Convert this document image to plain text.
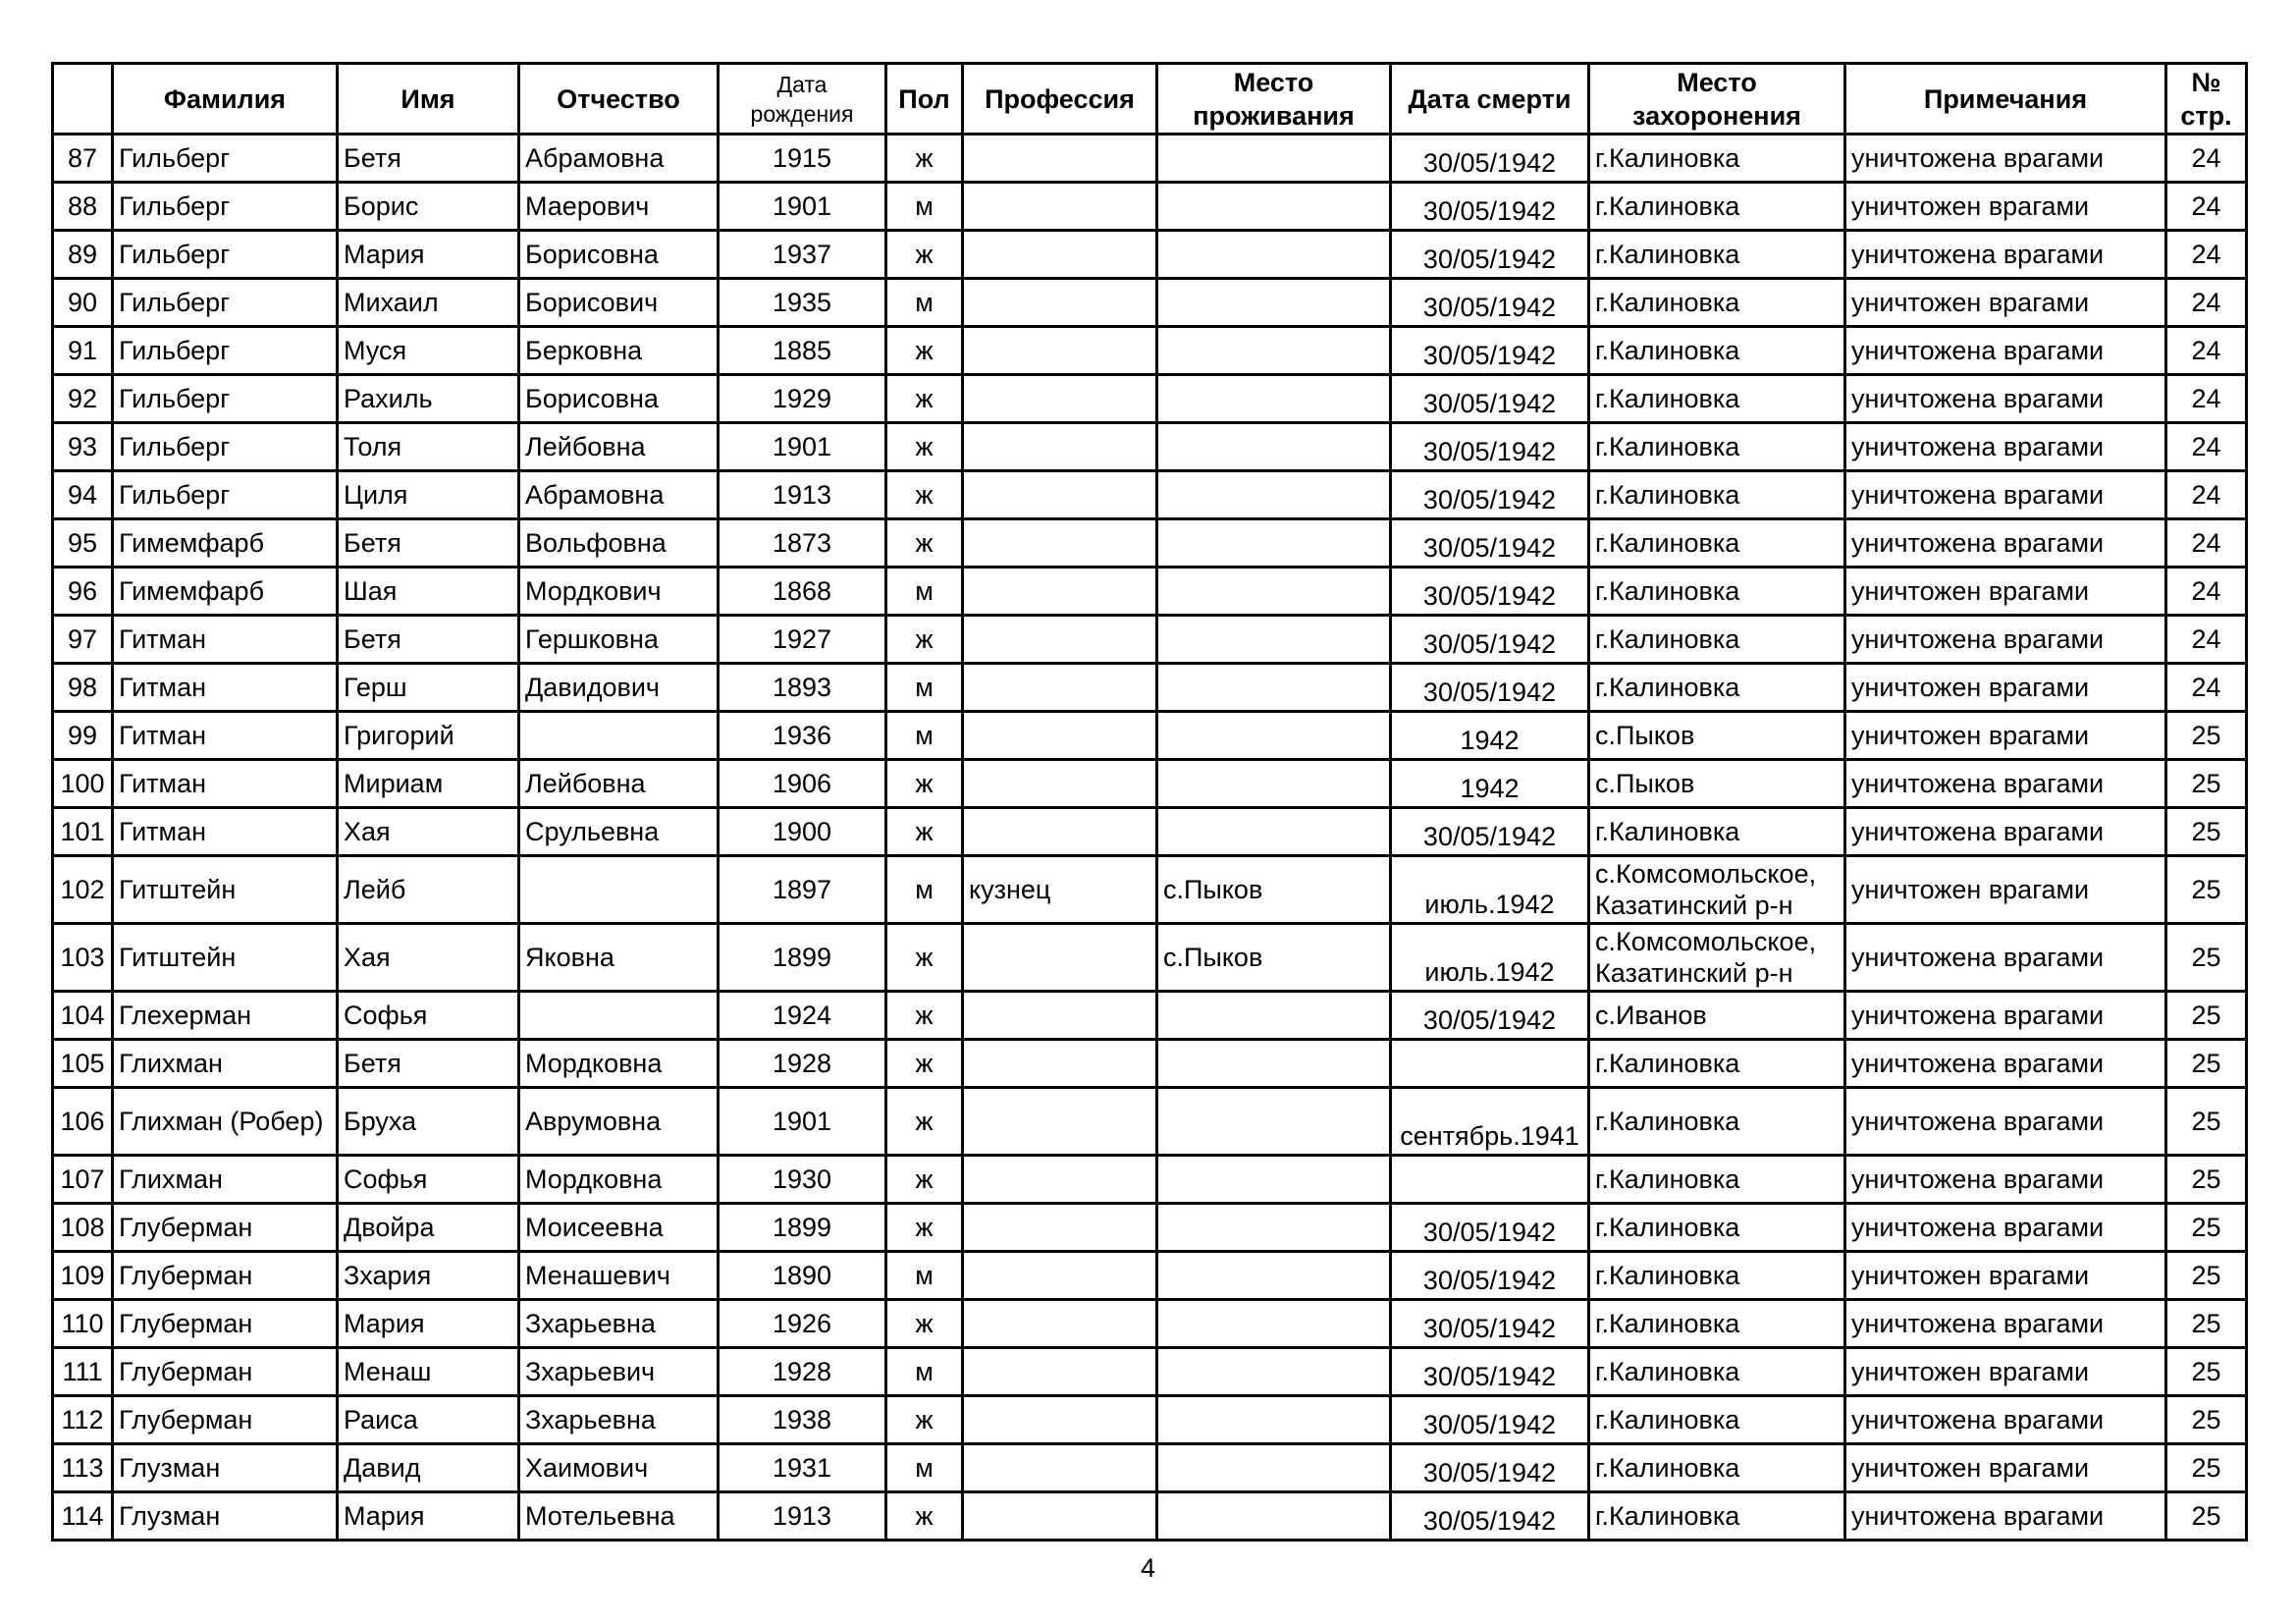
	Фамилия	Имя	Отчество	Дата рождения	Пол	Профессия	Место проживания	Дата смерти	Место захоронения	Примечания	№ стр.
87	Гильберг	Бетя	Абрамовна	1915	ж			30/05/1942	г.Калиновка	уничтожена врагами	24
88	Гильберг	Борис	Маерович	1901	м			30/05/1942	г.Калиновка	уничтожен врагами	24
89	Гильберг	Мария	Борисовна	1937	ж			30/05/1942	г.Калиновка	уничтожена врагами	24
90	Гильберг	Михаил	Борисович	1935	м			30/05/1942	г.Калиновка	уничтожен врагами	24
91	Гильберг	Муся	Берковна	1885	ж			30/05/1942	г.Калиновка	уничтожена врагами	24
92	Гильберг	Рахиль	Борисовна	1929	ж			30/05/1942	г.Калиновка	уничтожена врагами	24
93	Гильберг	Толя	Лейбовна	1901	ж			30/05/1942	г.Калиновка	уничтожена врагами	24
94	Гильберг	Циля	Абрамовна	1913	ж			30/05/1942	г.Калиновка	уничтожена врагами	24
95	Гимемфарб	Бетя	Вольфовна	1873	ж			30/05/1942	г.Калиновка	уничтожена врагами	24
96	Гимемфарб	Шая	Мордкович	1868	м			30/05/1942	г.Калиновка	уничтожен врагами	24
97	Гитман	Бетя	Гершковна	1927	ж			30/05/1942	г.Калиновка	уничтожена врагами	24
98	Гитман	Герш	Давидович	1893	м			30/05/1942	г.Калиновка	уничтожен врагами	24
99	Гитман	Григорий		1936	м			1942	с.Пыков	уничтожен врагами	25
100	Гитман	Мириам	Лейбовна	1906	ж			1942	с.Пыков	уничтожена врагами	25
101	Гитман	Хая	Срульевна	1900	ж			30/05/1942	г.Калиновка	уничтожена врагами	25
102	Гитштейн	Лейб		1897	м	кузнец	с.Пыков	июль.1942	с.Комсомольское, Казатинский р-н	уничтожен врагами	25
103	Гитштейн	Хая	Яковна	1899	ж		с.Пыков	июль.1942	с.Комсомольское, Казатинский р-н	уничтожена врагами	25
104	Глехерман	Софья		1924	ж			30/05/1942	с.Иванов	уничтожена врагами	25
105	Глихман	Бетя	Мордковна	1928	ж				г.Калиновка	уничтожена врагами	25
106	Глихман (Робер)	Бруха	Аврумовна	1901	ж			сентябрь.1941	г.Калиновка	уничтожена врагами	25
107	Глихман	Софья	Мордковна	1930	ж				г.Калиновка	уничтожена врагами	25
108	Глуберман	Двойра	Моисеевна	1899	ж			30/05/1942	г.Калиновка	уничтожена врагами	25
109	Глуберман	Зхария	Менашевич	1890	м			30/05/1942	г.Калиновка	уничтожен врагами	25
110	Глуберман	Мария	Зхарьевна	1926	ж			30/05/1942	г.Калиновка	уничтожена врагами	25
111	Глуберман	Менаш	Зхарьевич	1928	м			30/05/1942	г.Калиновка	уничтожен врагами	25
112	Глуберман	Раиса	Зхарьевна	1938	ж			30/05/1942	г.Калиновка	уничтожена врагами	25
113	Глузман	Давид	Хаимович	1931	м			30/05/1942	г.Калиновка	уничтожен врагами	25
114	Глузман	Мария	Мотельевна	1913	ж			30/05/1942	г.Калиновка	уничтожена врагами	25
4
